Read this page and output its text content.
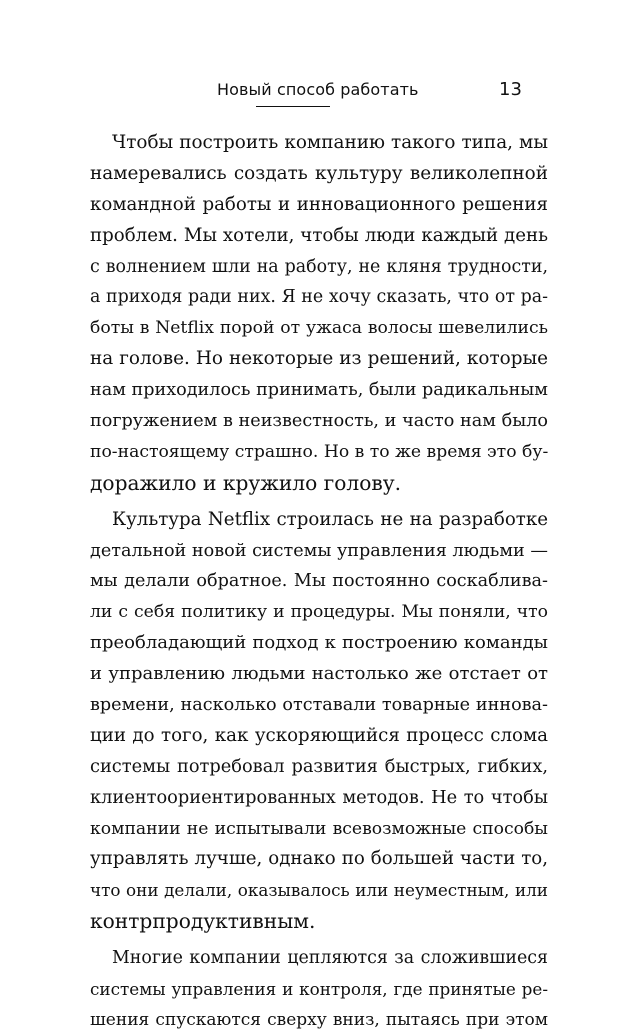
Новый способ работать	13
Чтобы построить компанию такого типа, мы
намеревались создать культуру великолепной
командной работы и инновационного решения
проблем. Мы хотели, чтобы люди каждый день
с волнением шли на работу, не кляня трудности,
а приходя ради них. Я не хочу сказать, что от ра-
боты в Netflix порой от ужаса волосы шевелились
на голове. Но некоторые из решений, которые
нам приходилось принимать, были радикальным
погружением в неизвестность, и часто нам было
по-настоящему страшно. Но в то же время это бу-
доражило и кружило голову.
Культура Netflix строилась не на разработке
детальной новой системы управления людьми —
мы делали обратное. Мы постоянно соскаблива-
ли с себя политику и процедуры. Мы поняли, что
преобладающий подход к построению команды
и управлению людьми настолько же отстает от
времени, насколько отставали товарные иннова-
ции до того, как ускоряющийся процесс слома
системы потребовал развития быстрых, гибких,
клиентоориентированных методов. Не то чтобы
компании не испытывали всевозможные способы
управлять лучше, однако по большей части то,
что они делали, оказывалось или неуместным, или
контрпродуктивным.
Многие компании цепляются за сложившиеся
системы управления и контроля, где принятые ре-
шения спускаются сверху вниз, пытаясь при этом
